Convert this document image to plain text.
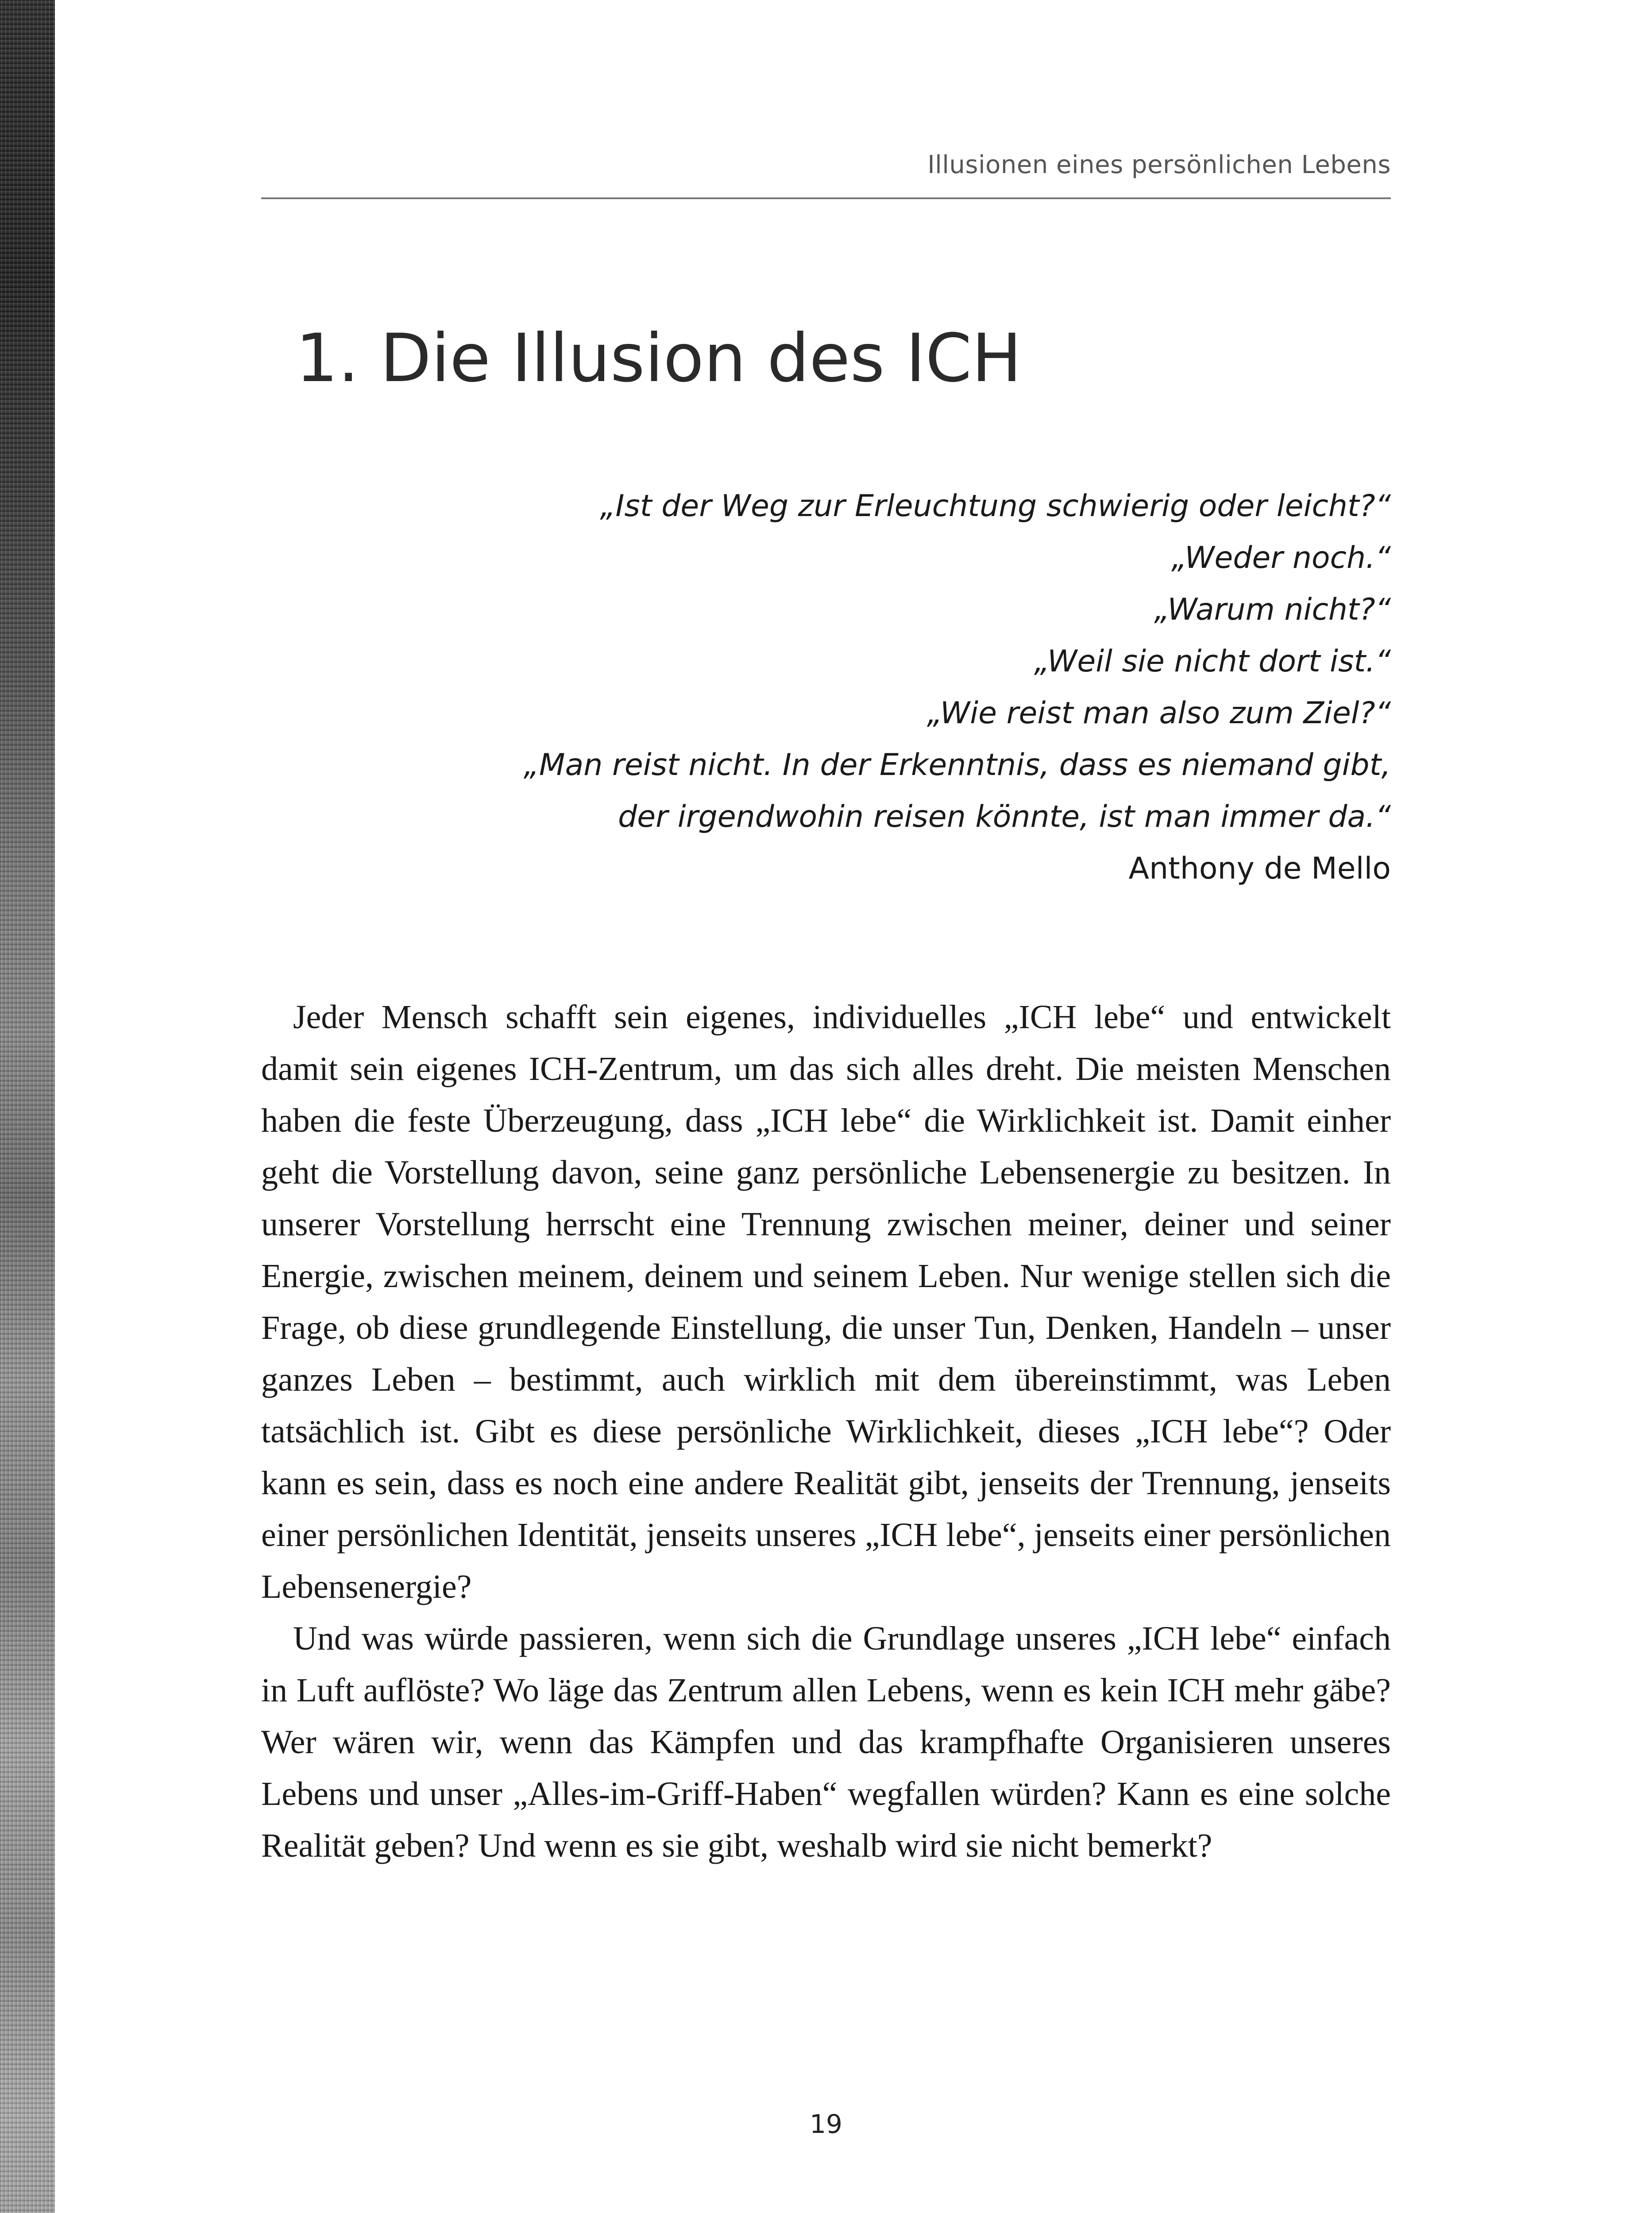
Illusionen eines persönlichen Lebens
1. Die Illusion des ICH
„Ist der Weg zur Erleuchtung schwierig oder leicht?“
„Weder noch.“
„Warum nicht?“
„Weil sie nicht dort ist.“
„Wie reist man also zum Ziel?“
„Man reist nicht. In der Erkenntnis, dass es niemand gibt,
der irgendwohin reisen könnte, ist man immer da.“
Anthony de Mello

Jeder Mensch schafft sein eigenes, individuelles „ICH lebe“ und entwickelt damit sein eigenes ICH-Zentrum, um das sich alles dreht. Die meisten Menschen haben die feste Überzeugung, dass „ICH lebe“ die Wirklichkeit ist. Damit einher geht die Vorstellung davon, seine ganz persönliche Lebensenergie zu besitzen. In unserer Vorstellung herrscht eine Trennung zwischen meiner, deiner und seiner Energie, zwischen meinem, deinem und seinem Leben. Nur wenige stellen sich die Frage, ob diese grundlegende Einstellung, die unser Tun, Denken, Handeln – unser ganzes Leben – bestimmt, auch wirklich mit dem übereinstimmt, was Leben tatsächlich ist. Gibt es diese persönliche Wirklichkeit, dieses „ICH lebe“? Oder kann es sein, dass es noch eine andere Realität gibt, jenseits der Trennung, jenseits einer persönlichen Identität, jenseits unseres „ICH lebe“, jenseits einer persönlichen Lebensenergie?

Und was würde passieren, wenn sich die Grundlage unseres „ICH lebe“ einfach in Luft auflöste? Wo läge das Zentrum allen Lebens, wenn es kein ICH mehr gäbe? Wer wären wir, wenn das Kämpfen und das krampfhafte Organisieren unseres Lebens und unser „Alles-im-Griff-Haben“ wegfallen würden? Kann es eine solche Realität geben? Und wenn es sie gibt, weshalb wird sie nicht bemerkt?

19
